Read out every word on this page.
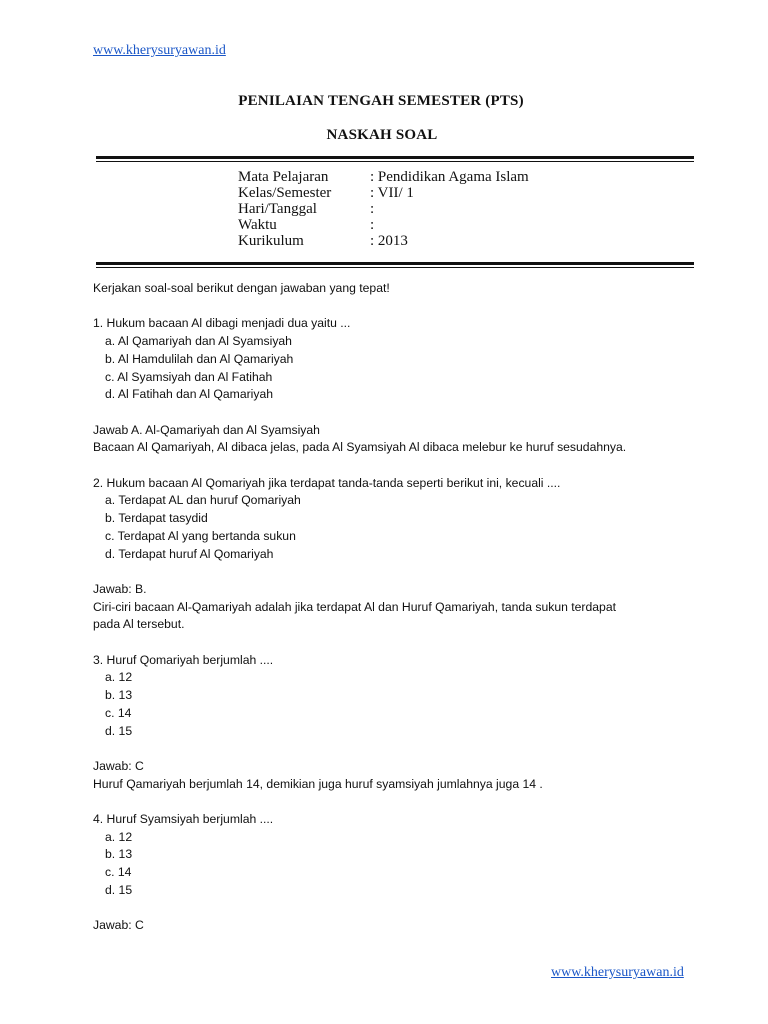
www.kherysuryawan.id
PENILAIAN TENGAH SEMESTER (PTS)
NASKAH SOAL
Mata Pelajaran	: Pendidikan Agama Islam
Kelas/Semester	: VII/ 1
Hari/Tanggal	:
Waktu	:
Kurikulum	: 2013
Kerjakan soal-soal berikut dengan jawaban yang tepat!
1. Hukum bacaan Al dibagi menjadi dua yaitu ...
a. Al Qamariyah dan Al Syamsiyah
b. Al Hamdulilah dan Al Qamariyah
c. Al Syamsiyah dan Al Fatihah
d. Al Fatihah dan Al Qamariyah
Jawab A. Al-Qamariyah dan Al Syamsiyah
Bacaan Al Qamariyah, Al dibaca jelas, pada Al Syamsiyah Al dibaca melebur ke huruf sesudahnya.
2. Hukum bacaan Al Qomariyah jika terdapat tanda-tanda seperti berikut ini, kecuali ....
a. Terdapat AL dan huruf Qomariyah
b. Terdapat tasydid
c. Terdapat Al yang bertanda sukun
d. Terdapat huruf Al Qomariyah
Jawab: B.
Ciri-ciri bacaan Al-Qamariyah adalah jika terdapat Al dan Huruf Qamariyah, tanda sukun terdapat
pada Al tersebut.
3. Huruf Qomariyah berjumlah ....
a. 12
b. 13
c. 14
d. 15
Jawab: C
Huruf Qamariyah berjumlah 14, demikian juga huruf syamsiyah jumlahnya juga 14 .
4. Huruf Syamsiyah berjumlah ....
a. 12
b. 13
c. 14
d. 15
Jawab: C
www.kherysuryawan.id
